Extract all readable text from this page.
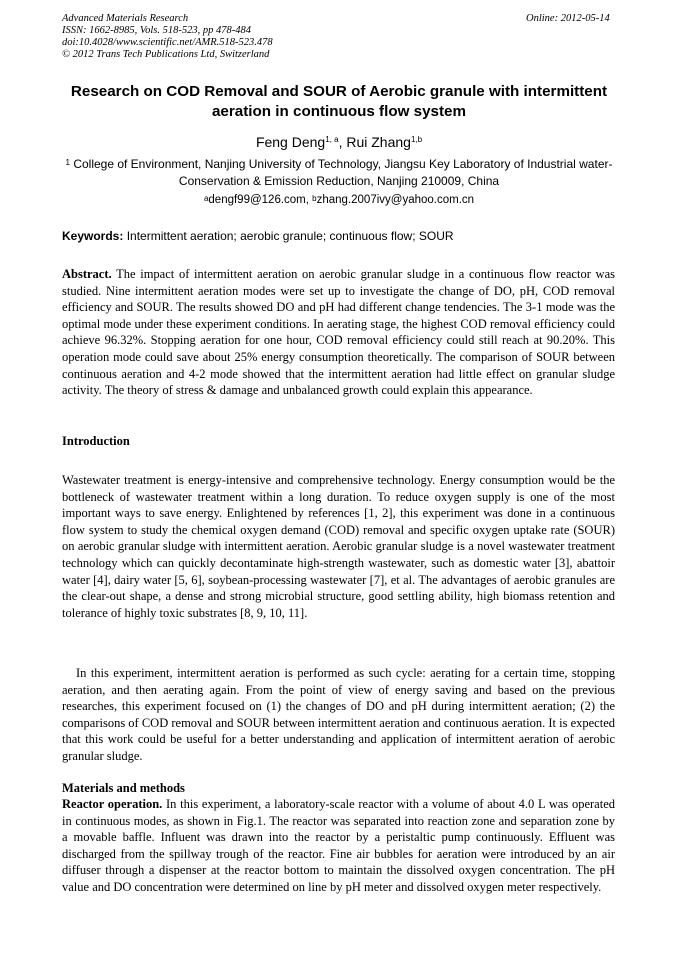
Advanced Materials Research
ISSN: 1662-8985, Vols. 518-523, pp 478-484
doi:10.4028/www.scientific.net/AMR.518-523.478
© 2012 Trans Tech Publications Ltd, Switzerland
Online: 2012-05-14
Research on COD Removal and SOUR of Aerobic granule with intermittent aeration in continuous flow system
Feng Deng$^{1, a}$, Rui Zhang$^{1,b}$
$^1$ College of Environment, Nanjing University of Technology, Jiangsu Key Laboratory of Industrial water-Conservation & Emission Reduction, Nanjing 210009, China
$^a$dengf99@126.com, $^b$zhang.2007ivy@yahoo.com.cn
Keywords: Intermittent aeration; aerobic granule; continuous flow; SOUR
Abstract. The impact of intermittent aeration on aerobic granular sludge in a continuous flow reactor was studied. Nine intermittent aeration modes were set up to investigate the change of DO, pH, COD removal efficiency and SOUR. The results showed DO and pH had different change tendencies. The 3-1 mode was the optimal mode under these experiment conditions. In aerating stage, the highest COD removal efficiency could achieve 96.32%. Stopping aeration for one hour, COD removal efficiency could still reach at 90.20%. This operation mode could save about 25% energy consumption theoretically. The comparison of SOUR between continuous aeration and 4-2 mode showed that the intermittent aeration had little effect on granular sludge activity. The theory of stress & damage and unbalanced growth could explain this appearance.
Introduction
Wastewater treatment is energy-intensive and comprehensive technology. Energy consumption would be the bottleneck of wastewater treatment within a long duration. To reduce oxygen supply is one of the most important ways to save energy. Enlightened by references [1, 2], this experiment was done in a continuous flow system to study the chemical oxygen demand (COD) removal and specific oxygen uptake rate (SOUR) on aerobic granular sludge with intermittent aeration. Aerobic granular sludge is a novel wastewater treatment technology which can quickly decontaminate high-strength wastewater, such as domestic water [3], abattoir water [4], dairy water [5, 6], soybean-processing wastewater [7], et al. The advantages of aerobic granules are the clear-out shape, a dense and strong microbial structure, good settling ability, high biomass retention and tolerance of highly toxic substrates [8, 9, 10, 11].
In this experiment, intermittent aeration is performed as such cycle: aerating for a certain time, stopping aeration, and then aerating again. From the point of view of energy saving and based on the previous researches, this experiment focused on (1) the changes of DO and pH during intermittent aeration; (2) the comparisons of COD removal and SOUR between intermittent aeration and continuous aeration. It is expected that this work could be useful for a better understanding and application of intermittent aeration of aerobic granular sludge.
Materials and methods
Reactor operation. In this experiment, a laboratory-scale reactor with a volume of about 4.0 L was operated in continuous modes, as shown in Fig.1. The reactor was separated into reaction zone and separation zone by a movable baffle. Influent was drawn into the reactor by a peristaltic pump continuously. Effluent was discharged from the spillway trough of the reactor. Fine air bubbles for aeration were introduced by an air diffuser through a dispenser at the reactor bottom to maintain the dissolved oxygen concentration. The pH value and DO concentration were determined on line by pH meter and dissolved oxygen meter respectively.
